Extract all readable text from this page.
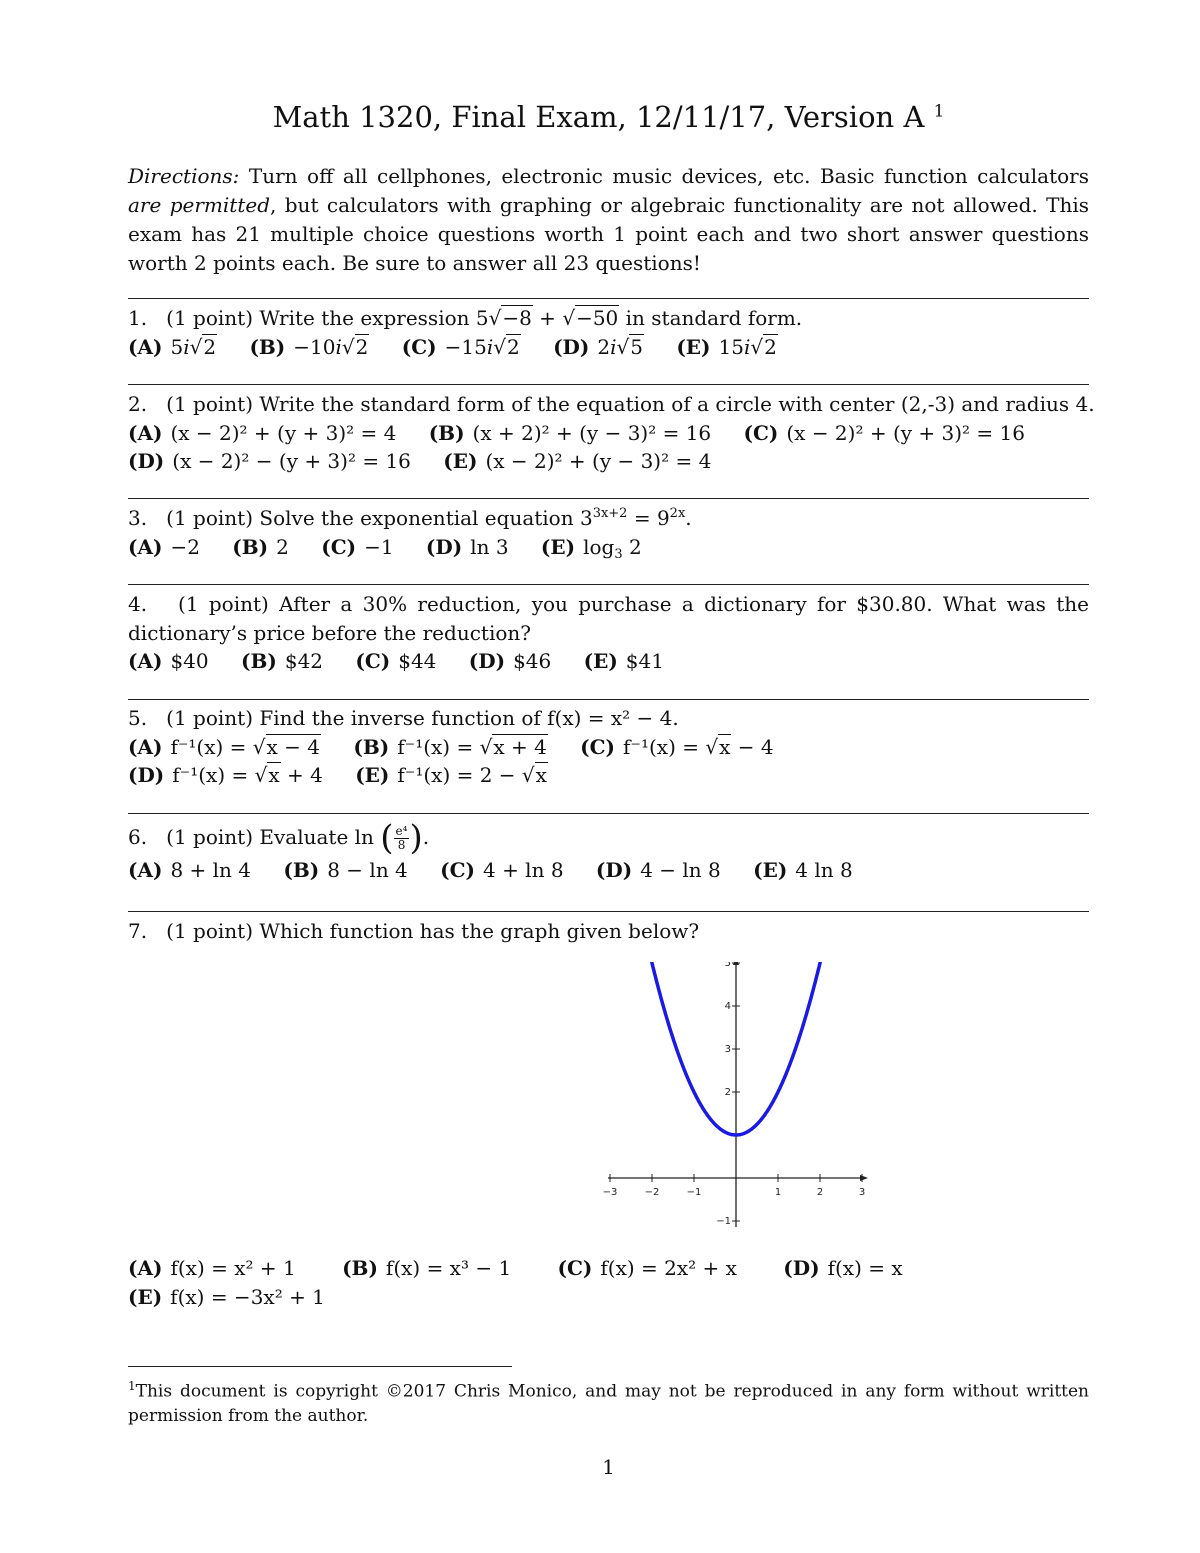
Math 1320, Final Exam, 12/11/17, Version A $^1$
Directions: Turn off all cellphones, electronic music devices, etc. Basic function calculators are permitted, but calculators with graphing or algebraic functionality are not allowed. This exam has 21 multiple choice questions worth 1 point each and two short answer questions worth 2 points each. Be sure to answer all 23 questions!
1. (1 point) Write the expression 5√−8 + √−50 in standard form.
(A) 5i√2 (B) −10i√2 (C) −15i√2 (D) 2i√5 (E) 15i√2
2. (1 point) Write the standard form of the equation of a circle with center (2,-3) and radius 4.
(A) (x − 2)² + (y + 3)² = 4 (B) (x + 2)² + (y − 3)² = 16 (C) (x − 2)² + (y + 3)² = 16
(D) (x − 2)² − (y + 3)² = 16 (E) (x − 2)² + (y − 3)² = 4
3. (1 point) Solve the exponential equation $3^{3x+2} = 9^{2x}$.
(A) −2 (B) 2 (C) −1 (D) ln 3 (E) $\log_3 2$
4. (1 point) After a 30% reduction, you purchase a dictionary for $30.80. What was the dictionary’s price before the reduction?
(A) $40 (B) $42 (C) $44 (D) $46 (E) $41
5. (1 point) Find the inverse function of f(x) = x² − 4.
(A) f⁻¹(x) = √x − 4 (B) f⁻¹(x) = √x + 4 (C) f⁻¹(x) = √x − 4
(D) f⁻¹(x) = √x + 4 (E) f⁻¹(x) = 2 − √x
6. (1 point) Evaluate ln ( $\frac{\text{e⁴}}{8}$ ).
(A) 8 + ln 4 (B) 8 − ln 4 (C) 4 + ln 8 (D) 4 − ln 8 (E) 4 ln 8
7. (1 point) Which function has the graph given below?
−3	−2	−1	1	2	3
−1
2
3
4
5
(A) f(x) = x² + 1 (B) f(x) = x³ − 1 (C) f(x) = 2x² + x (D) f(x) = x
(E) f(x) = −3x² + 1
$^1$This document is copyright ©2017 Chris Monico, and may not be reproduced in any form without written permission from the author.
1
